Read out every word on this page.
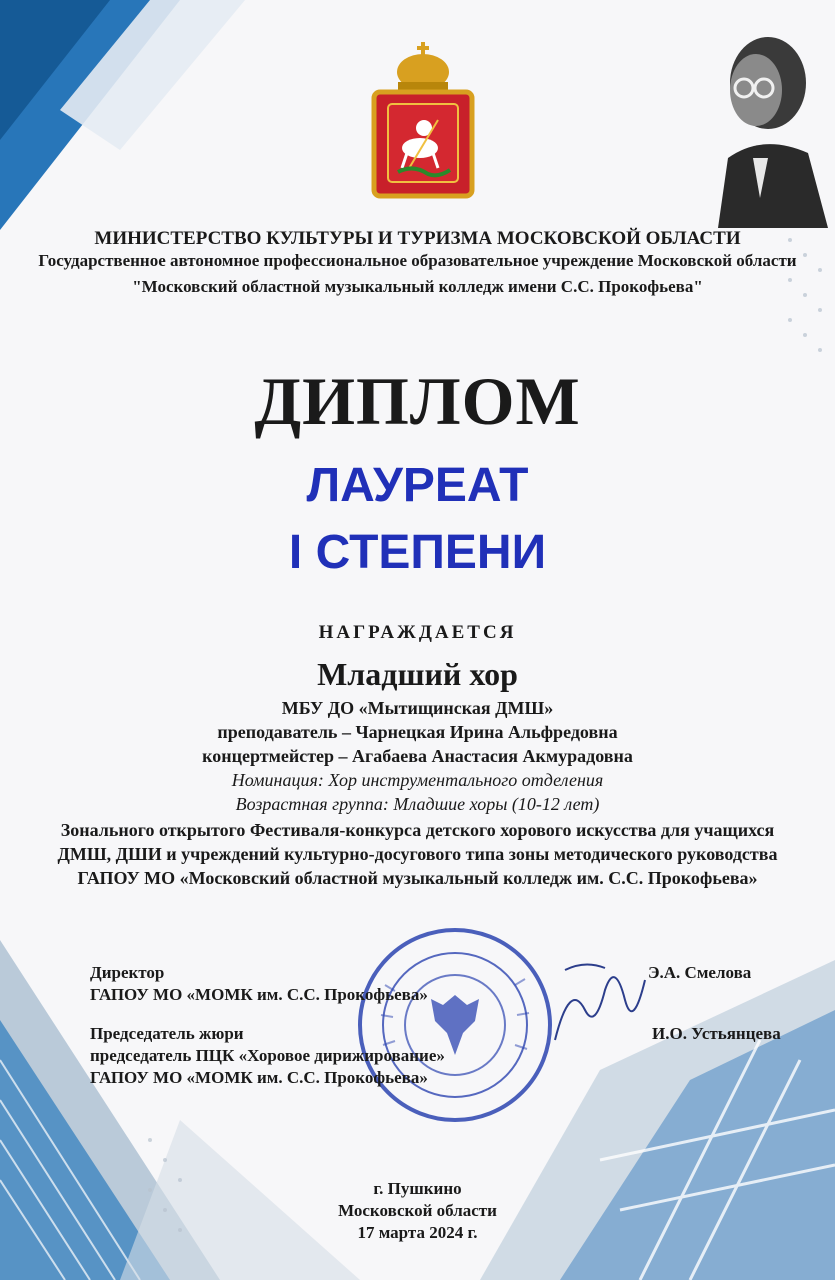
МИНИСТЕРСТВО КУЛЬТУРЫ И ТУРИЗМА МОСКОВСКОЙ ОБЛАСТИ
Государственное автономное профессиональное образовательное учреждение Московской области
"Московский областной музыкальный колледж имени С.С. Прокофьева"
ДИПЛОМ
ЛАУРЕАТ
I СТЕПЕНИ
НАГРАЖДАЕТСЯ
Младший хор
МБУ ДО «Мытищинская ДМШ»
преподаватель – Чарнецкая Ирина Альфредовна
концертмейстер – Агабаева Анастасия Акмурадовна
Номинация: Хор инструментального отделения
Возрастная группа: Младшие хоры (10-12 лет)
Зонального открытого Фестиваля-конкурса детского хорового искусства для учащихся ДМШ, ДШИ и учреждений культурно-досугового типа зоны методического руководства ГАПОУ МО «Московский областной музыкальный колледж им. С.С. Прокофьева»
Директор
ГАПОУ МО «МОМК им. С.С. Прокофьева»
Э.А. Смелова
Председатель жюри
председатель ПЦК «Хоровое дирижирование»
ГАПОУ МО «МОМК им. С.С. Прокофьева»
И.О. Устьянцева
г. Пушкино
Московской области
17 марта 2024 г.
